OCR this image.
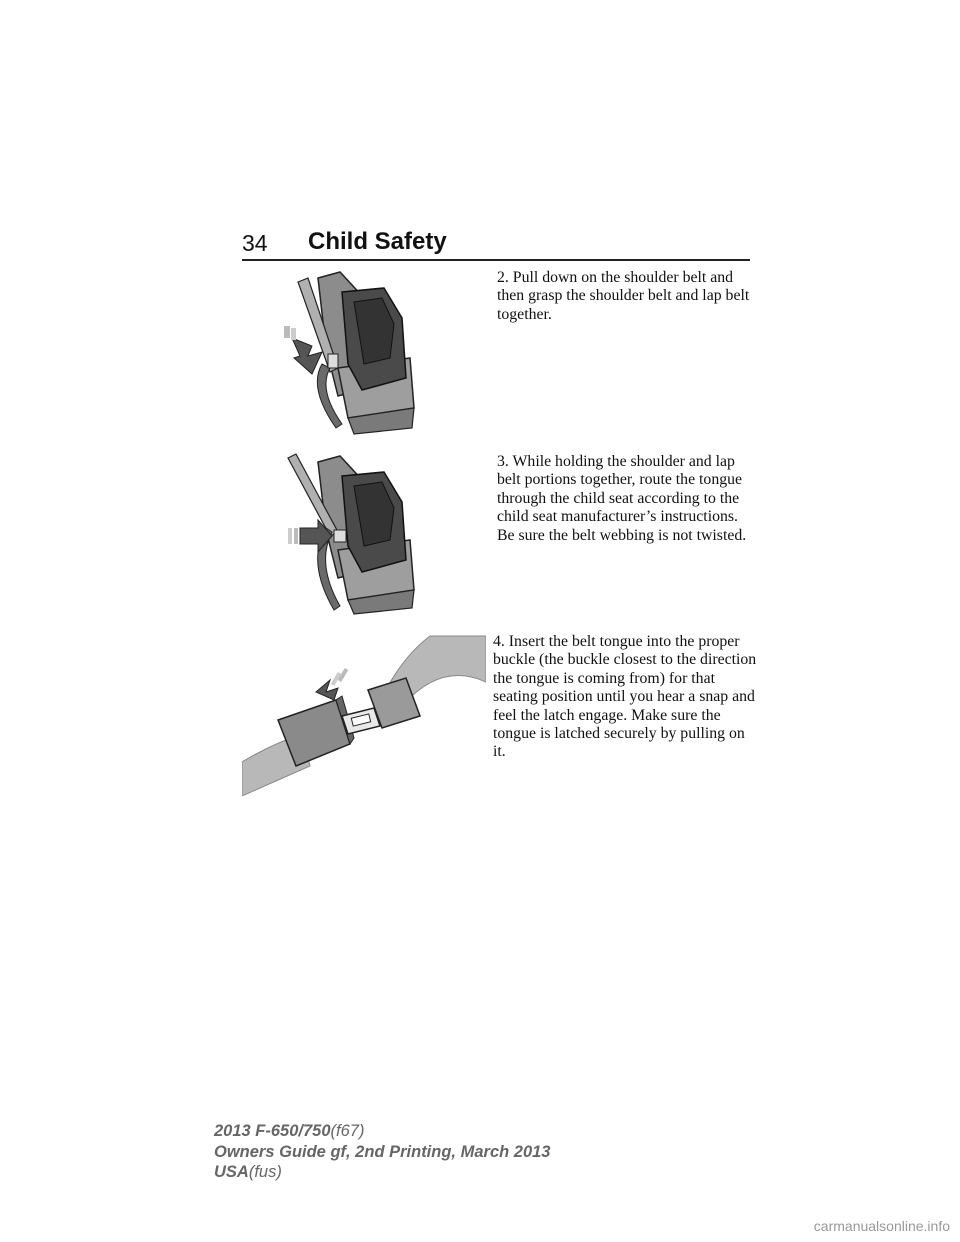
34 Child Safety

2. Pull down on the shoulder belt and then grasp the shoulder belt and lap belt together.

3. While holding the shoulder and lap belt portions together, route the tongue through the child seat according to the child seat manufacturer’s instructions. Be sure the belt webbing is not twisted.

4. Insert the belt tongue into the proper buckle (the buckle closest to the direction the tongue is coming from) for that seating position until you hear a snap and feel the latch engage. Make sure the tongue is latched securely by pulling on it.

2013 F-650/750(f67)
Owners Guide gf, 2nd Printing, March 2013
USA(fus)
carmanualsonline.info
